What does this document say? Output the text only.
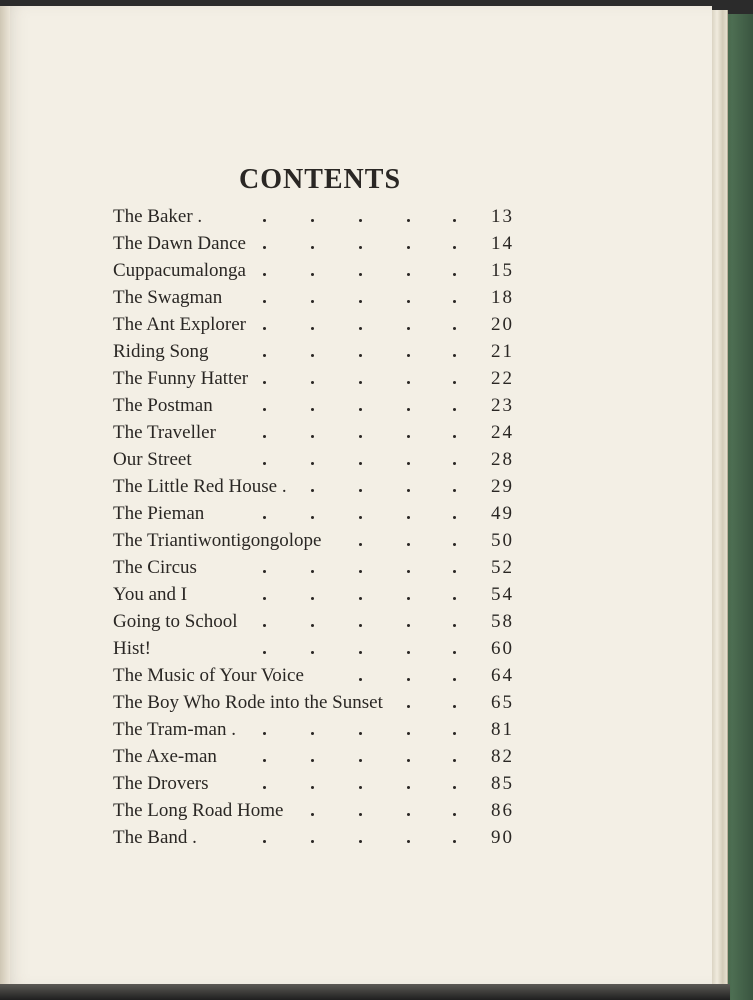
CONTENTS
The Baker .	13
The Dawn Dance	14
Cuppacumalonga	15
The Swagman	18
The Ant Explorer	20
Riding Song	21
The Funny Hatter	22
The Postman	23
The Traveller	24
Our Street	28
The Little Red House .	29
The Pieman	49
The Triantiwontigongolope	50
The Circus	52
You and I	54
Going to School	58
Hist!	60
The Music of Your Voice	64
The Boy Who Rode into the Sunset	65
The Tram-man .	81
The Axe-man	82
The Drovers	85
The Long Road Home	86
The Band .	90
